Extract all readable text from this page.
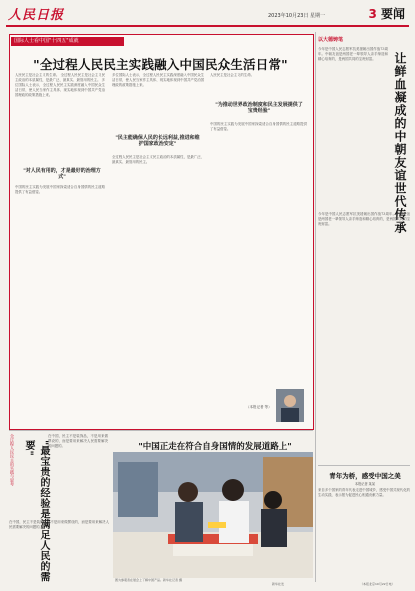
人民日报	2023年10月23日 星期一	3 要闻
国际人士看中国"十四五"成就
"全过程人民民主实践融入中国民众生活日常"
人民民主是社会主义的生命。 全过程人民民主是社会主义民主政治的本质属性，是最广泛、最真实、最管用的民主。 多位国际人士表示，全过程人民民主实践深度融入中国民众生活日常，使人民当家作主具体、现实地体现到中国共产党治国理政的政策措施上来。
"对人民有用的，才是最好的治理方式"
中国的民主实践为发展中国家探索适合自身国情的民主道路提供了有益借鉴。
多位国际人士表示，全过程人民民主实践深度融入中国民众生活日常，使人民当家作主具体、现实地体现到中国共产党治国理政的政策措施上来。
"民主能确保人民的长远利益,推进和维护国家政治安定"
全过程人民民主是社会主义民主政治的本质属性，是最广泛、最真实、最管用的民主。
人民民主是社会主义的生命。
"为推动世界政治制度和民主发展提供了宝贵经验"
中国的民主实践为发展中国家探索适合自身国情的民主道路提供了有益借鉴。
（本报记者 等）
以大德铸笔
让鲜血凝成的中朝友谊世代传承
今年是中国人民志愿军抗美援朝出国作战73周年。中朝友谊是两国老一辈领导人亲手缔造和精心培育的，是两国共同的宝贵财富。
今年是中国人民志愿军抗美援朝出国作战73周年。中朝友谊是两国老一辈领导人亲手缔造和精心培育的，是两国共同的宝贵财富。
青年为桥，感受中国之美
本报记者 某某
来自多个国家的青年代表走进中国城乡，感受中国式现代化的生动实践，表示愿为促进民心相通贡献力量。
（本报北京10月22日电）
全过程人民民主的实践与思考	"最宝贵的经验是满足人民的需要"
在中国，民主不是装饰品，不是用来做摆设的，而是要用来解决人民需要解决的问题的。
在中国，民主不是装饰品，不是用来做摆设的，而是要用来解决人民需要解决的问题的。
"中国正走在符合自身国情的发展道路上"
图为参观者在展会上了解中国产品。新华社记者 摄
新华社发
